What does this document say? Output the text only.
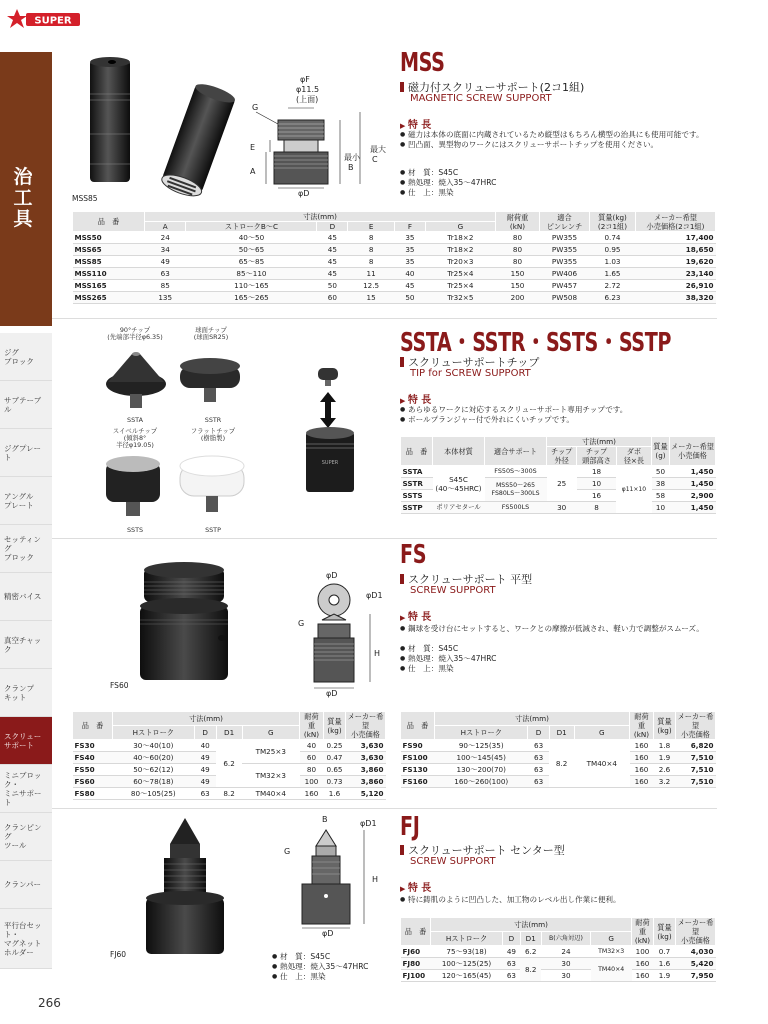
SUPER
治工具
ジグ
ブロック
サブテーブル
ジグプレート
アングル
プレート
セッティング
ブロック
精密バイス
真空チャック
クランプ
キット
スクリュー
サポート
ミニブロック・
ミニサポート
クランピング
ツール
クランパー
平行台セット・
マグネット
ホルダー
266
MSS85
φF
φ11.5
(上面)
G
E
A
φD
最小
B
最大
C
MSS
磁力付スクリューサポート(2コ1組)
MAGNETIC SCREW SUPPORT
▶ 特 長
● 磁力は本体の底面に内蔵されているため縦型はもちろん横型の治具にも使用可能です。
● 凹凸面、異型物のワークにはスクリューサポートチップを使用ください。
● 材　質：S45C
● 熱処理：焼入35～47HRC
● 仕　上：黒染
品　番	寸法(mm)						耐荷重
(kN)	適合
ピンレンチ	質量(kg)
(2コ1組)	メーカー希望
小売価格(2コ1組)
	A	ストロークB～C	D	E	F	G				
MSS50	24	40～50	45	8	35	Tr18×2	80	PW355	0.74	17,400
MSS65	34	50～65	45	8	35	Tr18×2	80	PW355	0.95	18,650
MSS85	49	65～85	45	8	35	Tr20×3	80	PW355	1.03	19,620
MSS110	63	85～110	45	11	40	Tr25×4	150	PW406	1.65	23,140
MSS165	85	110～165	50	12.5	45	Tr25×4	150	PW457	2.72	26,910
MSS265	135	165～265	60	15	50	Tr32×5	200	PW508	6.23	38,320
90°チップ
(先端部半径φ6.35)
球面チップ
(球面SR25)
SSTA	SSTR
スイベルチップ
(傾斜8°
半径φ19.05)
フラットチップ
(樹脂製)
SSTS	SSTP
SUPER
SSTA・SSTR・SSTS・SSTP
スクリューサポートチップ
TIP for SCREW SUPPORT
▶ 特 長
● あらゆるワークに対応するスクリューサポート専用チップです。
● ボールプランジャー付で外れにくいチップです。
品　番	本体材質	適合サポート	寸法(mm)			質量
(g)	メーカー希望
小売価格
			チップ
外径	チップ
頭部高さ	ダボ
径×長		
SSTA	S45C
(40～45HRC)	FS50S～300S	25	18	φ11×10	50	1,450
SSTR		MSS50～265
FS80LS～300LS		10		38	1,450
SSTS				16		58	2,900
SSTP	ポリアセタール	FS500LS	30	8		10	1,450
FS60
φD
φD1
G
H
φD
FS
スクリューサポート 平型
SCREW SUPPORT
▶ 特 長
● 鋼球を受け台にセットすると、ワークとの摩擦が低減され、軽い力で調整がスムーズ。
● 材　質：S45C
● 熱処理：焼入35～47HRC
● 仕　上：黒染
品　番	寸法(mm)				耐荷重
(kN)	質量
(kg)	メーカー希望
小売価格
	Hストローク	D	D1	G			
FS30	30～40(10)	40	6.2	TM25×3	40	0.25	3,630
FS40	40～60(20)	49			60	0.47	3,630
FS50	50～62(12)	49		TM32×3	80	0.65	3,860
FS60	60～78(18)	49			100	0.73	3,860
FS80	80～105(25)	63	8.2	TM40×4	160	1.6	5,120
品　番	寸法(mm)				耐荷重
(kN)	質量
(kg)	メーカー希望
小売価格
	Hストローク	D	D1	G			
FS90	90～125(35)	63	8.2	TM40×4	160	1.8	6,820
FS100	100～145(45)	63			160	1.9	7,510
FS130	130～200(70)	63			160	2.6	7,510
FS160	160～260(100)	63			160	3.2	7,510
FJ60
B	φD1
G
H
φD
● 材　質：S45C
● 熱処理：焼入35～47HRC
● 仕　上：黒染
FJ
スクリューサポート センター型
SCREW SUPPORT
▶ 特 長
● 特に鋳肌のように凹凸した、加工物のレベル出し作業に便利。
品　番	寸法(mm)					耐荷重
(kN)	質量
(kg)	メーカー希望
小売価格
	Hストローク	D	D1	B(六角対辺)	G			
FJ60	75～93(18)	49	6.2	24	TM32×3	100	0.7	4,030
FJ80	100～125(25)	63	8.2	30	TM40×4	160	1.6	5,420
FJ100	120～165(45)	63		30		160	1.9	7,950
